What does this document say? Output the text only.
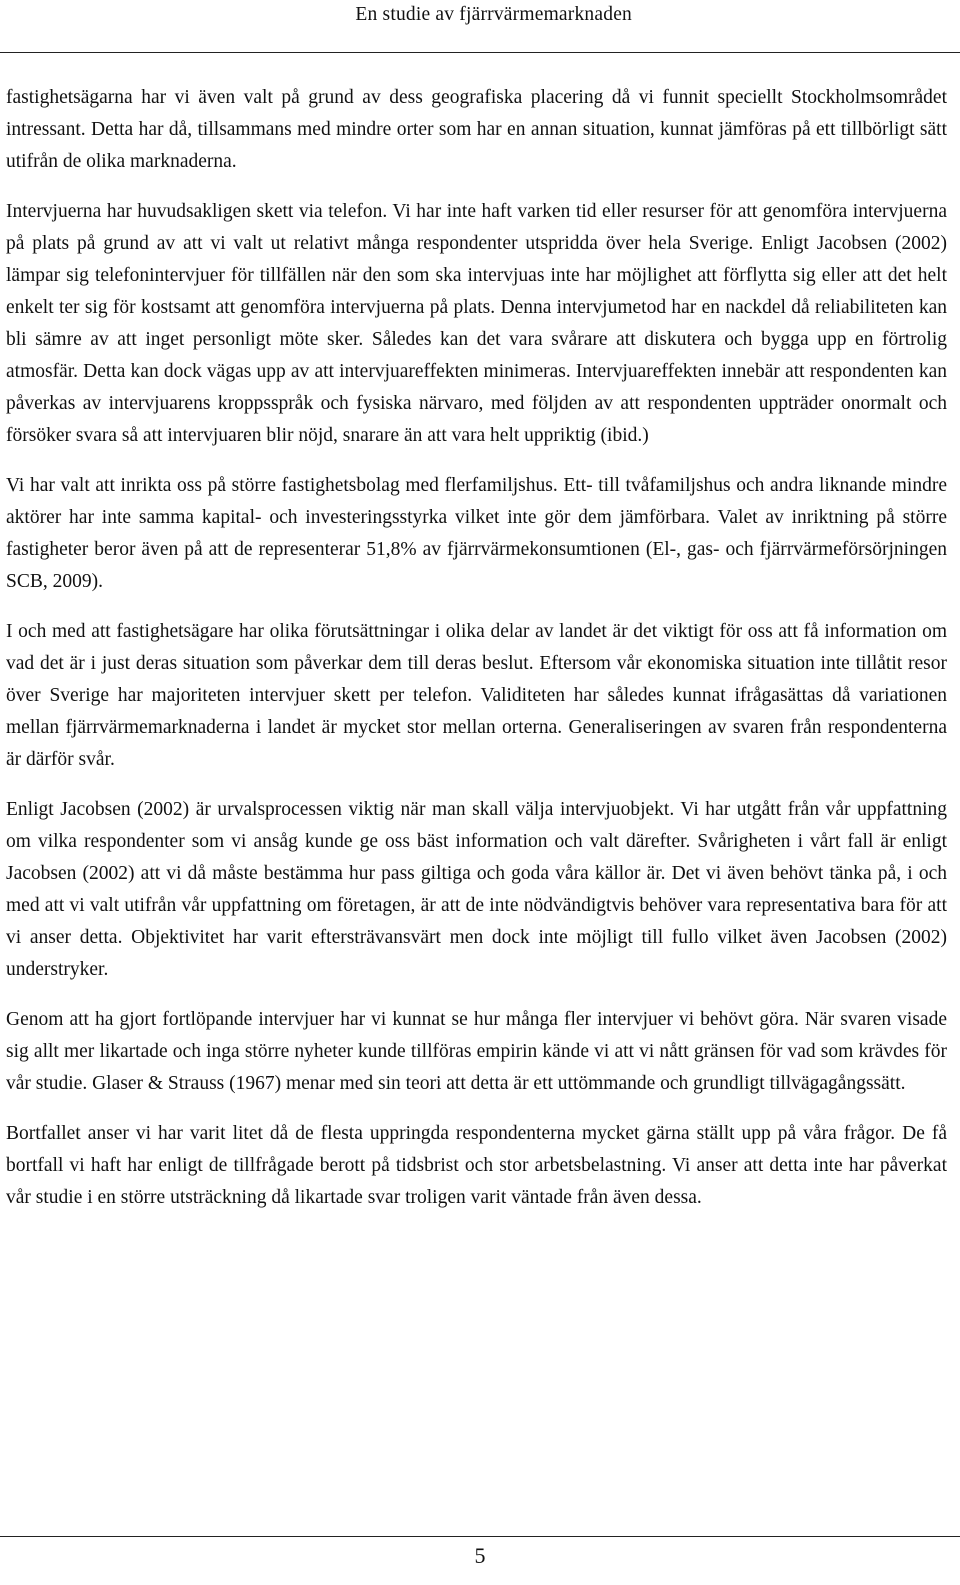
En studie av fjärrvärmemarknaden

fastighetsägarna har vi även valt på grund av dess geografiska placering då vi funnit speciellt Stockholmsområdet intressant. Detta har då, tillsammans med mindre orter som har en annan situation, kunnat jämföras på ett tillbörligt sätt utifrån de olika marknaderna.

Intervjuerna har huvudsakligen skett via telefon. Vi har inte haft varken tid eller resurser för att genomföra intervjuerna på plats på grund av att vi valt ut relativt många respondenter utspridda över hela Sverige. Enligt Jacobsen (2002) lämpar sig telefonintervjuer för tillfällen när den som ska intervjuas inte har möjlighet att förflytta sig eller att det helt enkelt ter sig för kostsamt att genomföra intervjuerna på plats. Denna intervjumetod har en nackdel då reliabiliteten kan bli sämre av att inget personligt möte sker. Således kan det vara svårare att diskutera och bygga upp en förtrolig atmosfär. Detta kan dock vägas upp av att intervjuareffekten minimeras. Intervjuareffekten innebär att respondenten kan påverkas av intervjuarens kroppsspråk och fysiska närvaro, med följden av att respondenten uppträder onormalt och försöker svara så att intervjuaren blir nöjd, snarare än att vara helt uppriktig (ibid.)

Vi har valt att inrikta oss på större fastighetsbolag med flerfamiljshus. Ett- till tvåfamiljshus och andra liknande mindre aktörer har inte samma kapital- och investeringsstyrka vilket inte gör dem jämförbara. Valet av inriktning på större fastigheter beror även på att de representerar 51,8% av fjärrvärmekonsumtionen (El-, gas- och fjärrvärmeförsörjningen SCB, 2009).

I och med att fastighetsägare har olika förutsättningar i olika delar av landet är det viktigt för oss att få information om vad det är i just deras situation som påverkar dem till deras beslut. Eftersom vår ekonomiska situation inte tillåtit resor över Sverige har majoriteten intervjuer skett per telefon. Validiteten har således kunnat ifrågasättas då variationen mellan fjärrvärmemarknaderna i landet är mycket stor mellan orterna. Generaliseringen av svaren från respondenterna är därför svår.

Enligt Jacobsen (2002) är urvalsprocessen viktig när man skall välja intervjuobjekt. Vi har utgått från vår uppfattning om vilka respondenter som vi ansåg kunde ge oss bäst information och valt därefter. Svårigheten i vårt fall är enligt Jacobsen (2002) att vi då måste bestämma hur pass giltiga och goda våra källor är. Det vi även behövt tänka på, i och med att vi valt utifrån vår uppfattning om företagen, är att de inte nödvändigtvis behöver vara representativa bara för att vi anser detta. Objektivitet har varit eftersträvansvärt men dock inte möjligt till fullo vilket även Jacobsen (2002) understryker.

Genom att ha gjort fortlöpande intervjuer har vi kunnat se hur många fler intervjuer vi behövt göra. När svaren visade sig allt mer likartade och inga större nyheter kunde tillföras empirin kände vi att vi nått gränsen för vad som krävdes för vår studie. Glaser & Strauss (1967) menar med sin teori att detta är ett uttömmande och grundligt tillvägagångssätt.

Bortfallet anser vi har varit litet då de flesta uppringda respondenterna mycket gärna ställt upp på våra frågor. De få bortfall vi haft har enligt de tillfrågade berott på tidsbrist och stor arbetsbelastning. Vi anser att detta inte har påverkat vår studie i en större utsträckning då likartade svar troligen varit väntade från även dessa.

5
